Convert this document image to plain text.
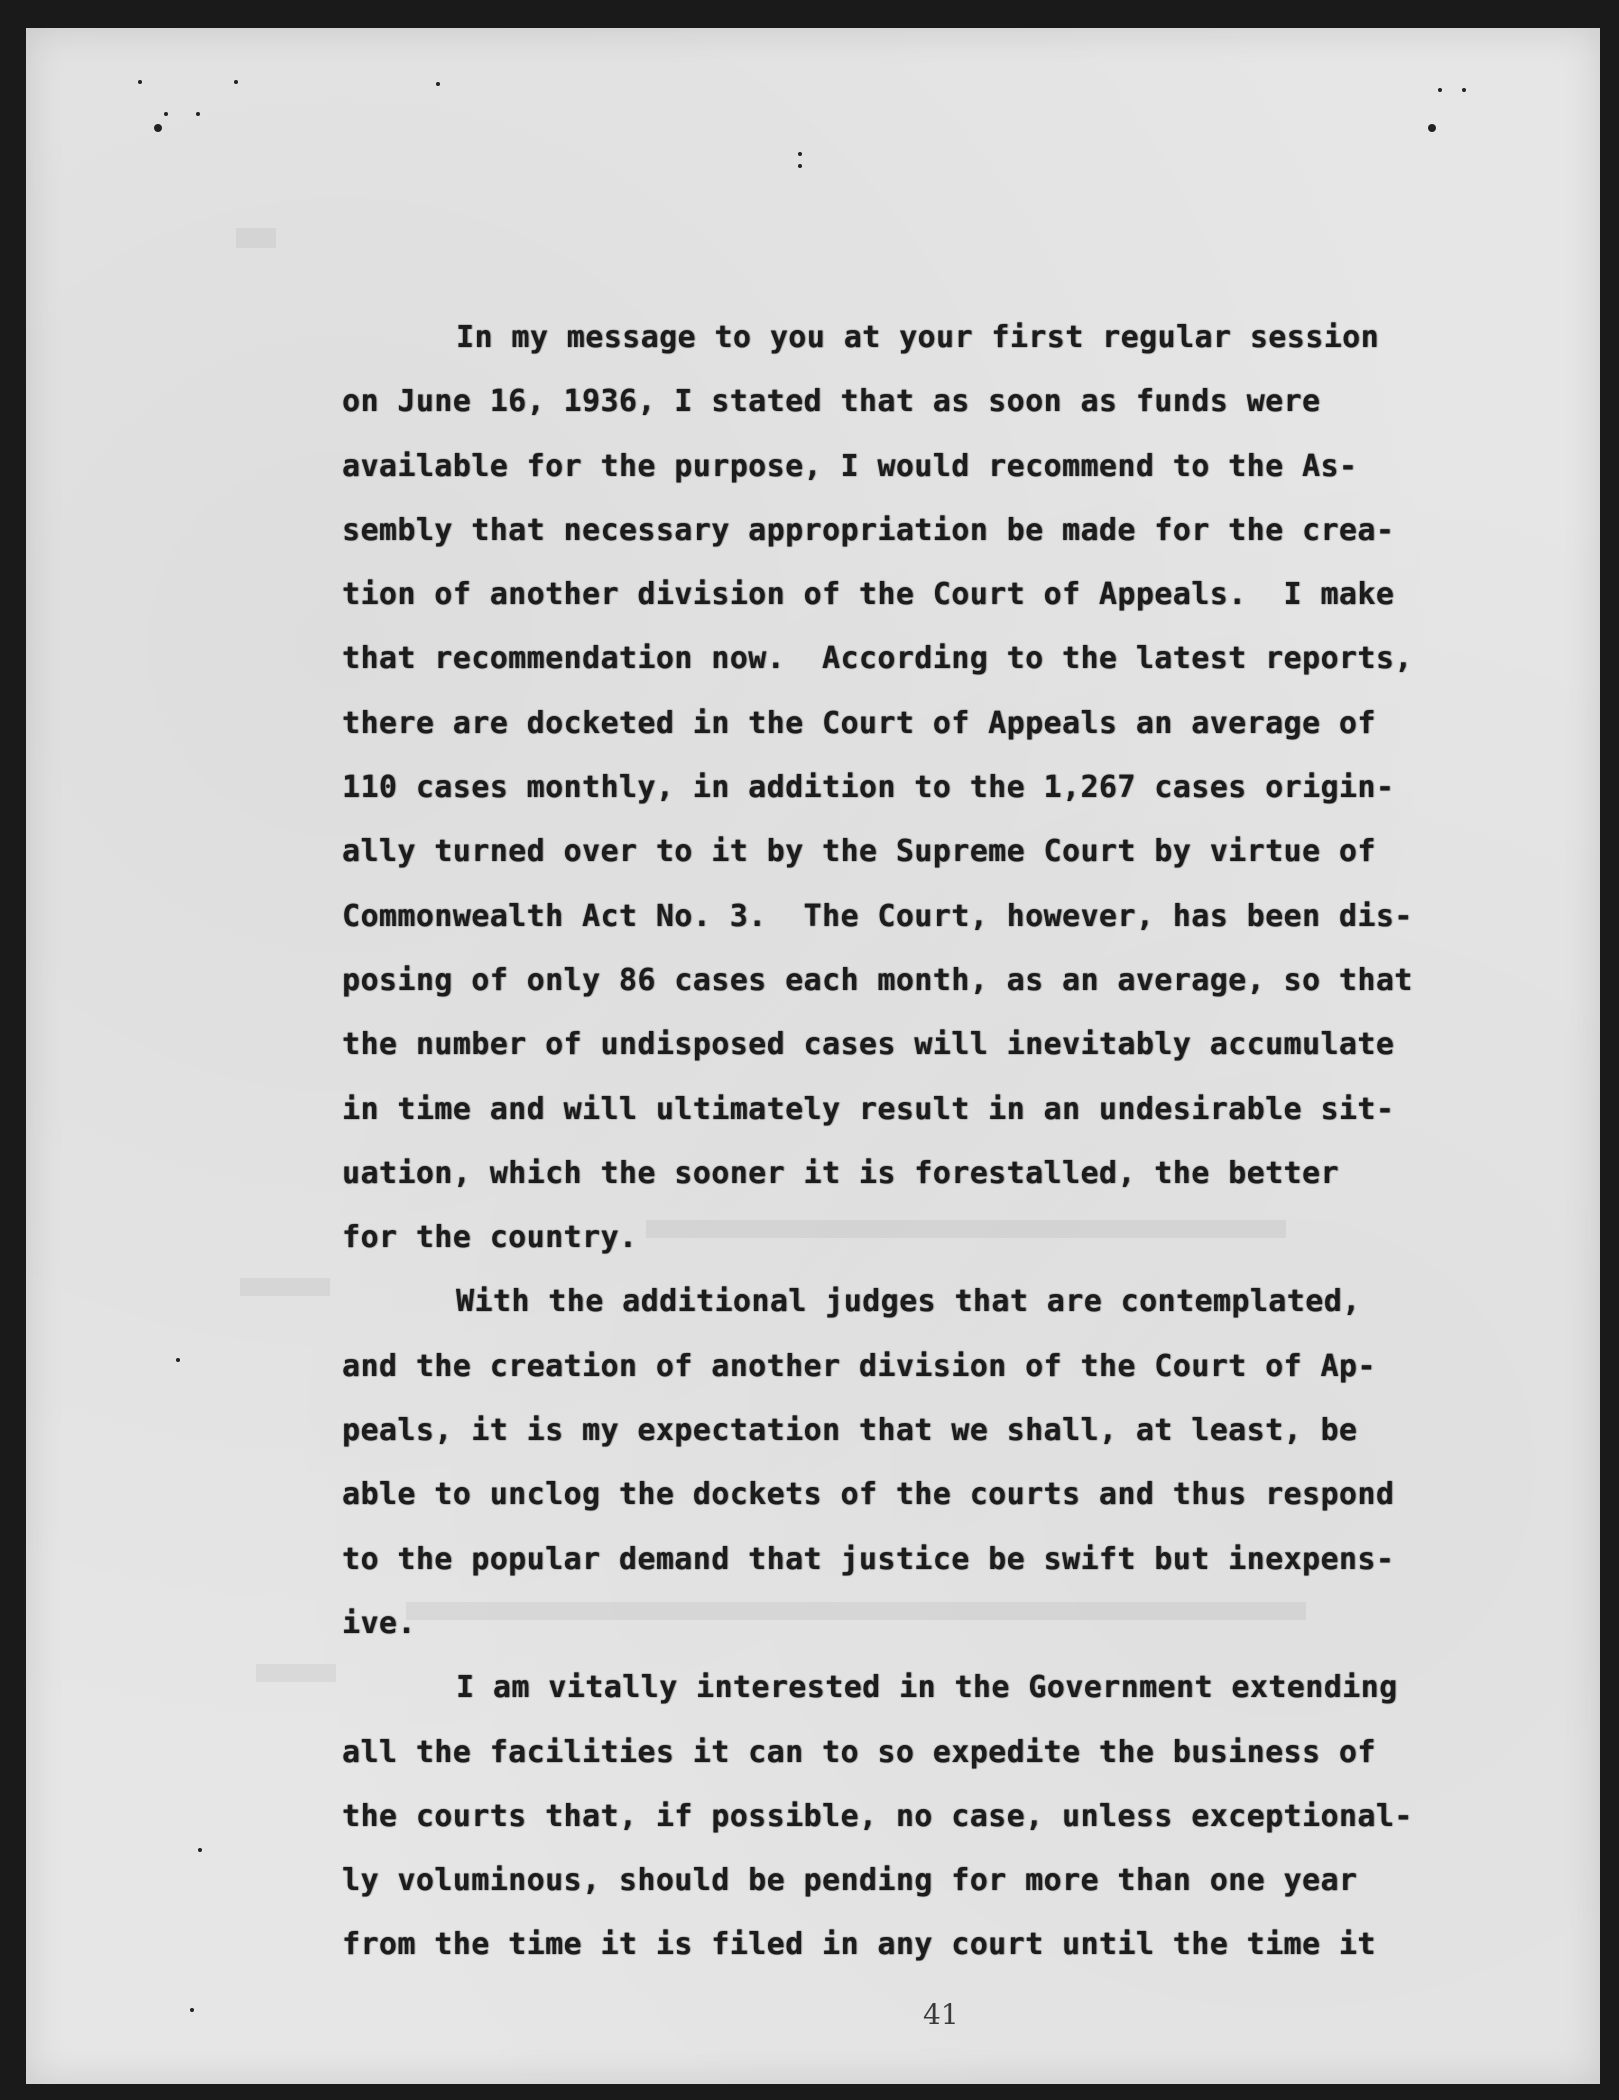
In my message to you at your first regular session
on June 16, 1936, I stated that as soon as funds were
available for the purpose, I would recommend to the As-
sembly that necessary appropriation be made for the crea-
tion of another division of the Court of Appeals.  I make
that recommendation now.  According to the latest reports,
there are docketed in the Court of Appeals an average of
110 cases monthly, in addition to the 1,267 cases origin-
ally turned over to it by the Supreme Court by virtue of
Commonwealth Act No. 3.  The Court, however, has been dis-
posing of only 86 cases each month, as an average, so that
the number of undisposed cases will inevitably accumulate
in time and will ultimately result in an undesirable sit-
uation, which the sooner it is forestalled, the better
for the country.
With the additional judges that are contemplated,
and the creation of another division of the Court of Ap-
peals, it is my expectation that we shall, at least, be
able to unclog the dockets of the courts and thus respond
to the popular demand that justice be swift but inexpens-
ive.
I am vitally interested in the Government extending
all the facilities it can to so expedite the business of
the courts that, if possible, no case, unless exceptional-
ly voluminous, should be pending for more than one year
from the time it is filed in any court until the time it
41
